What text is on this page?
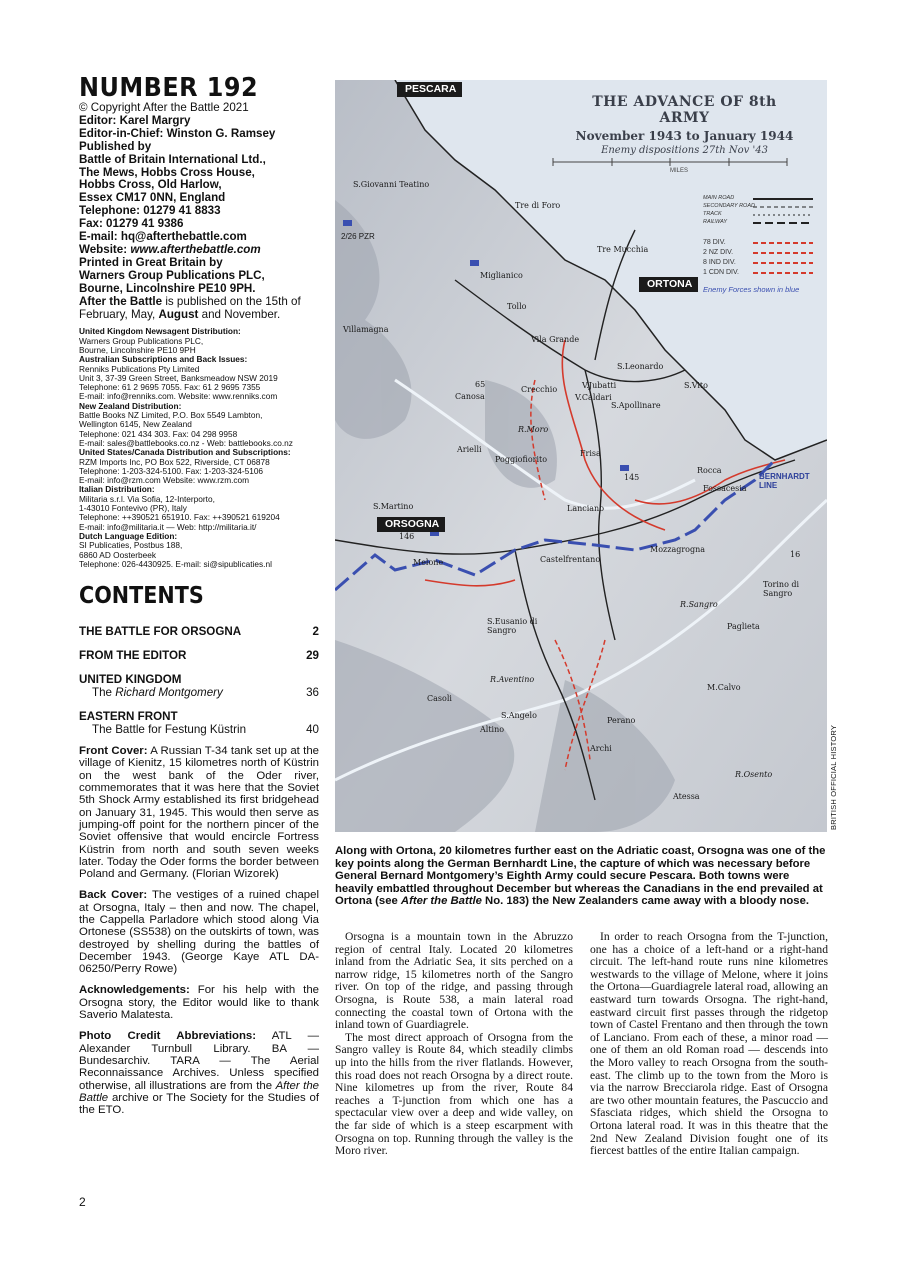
NUMBER 192
© Copyright After the Battle 2021
Editor: Karel Margry
Editor-in-Chief: Winston G. Ramsey
Published by
Battle of Britain International Ltd.,
The Mews, Hobbs Cross House,
Hobbs Cross, Old Harlow,
Essex CM17 0NN, England
Telephone: 01279 41 8833
Fax: 01279 41 9386
E-mail: hq@afterthebattle.com
Website: www.afterthebattle.com
Printed in Great Britain by
Warners Group Publications PLC,
Bourne, Lincolnshire PE10 9PH.
After the Battle is published on the 15th of February, May, August and November.
United Kingdom Newsagent Distribution:
Warners Group Publications PLC,
Bourne, Lincolnshire PE10 9PH
Australian Subscriptions and Back Issues:
Renniks Publications Pty Limited
Unit 3, 37-39 Green Street, Banksmeadow NSW 2019
Telephone: 61 2 9695 7055. Fax: 61 2 9695 7355
E-mail: info@renniks.com. Website: www.renniks.com
New Zealand Distribution:
Battle Books NZ Limited, P.O. Box 5549 Lambton,
Wellington 6145, New Zealand
Telephone: 021 434 303. Fax: 04 298 9958
E-mail: sales@battlebooks.co.nz - Web: battlebooks.co.nz
United States/Canada Distribution and Subscriptions:
RZM Imports Inc, PO Box 522, Riverside, CT 06878
Telephone: 1-203-324-5100. Fax: 1-203-324-5106
E-mail: info@rzm.com Website: www.rzm.com
Italian Distribution:
Militaria s.r.l. Via Sofia, 12-Interporto,
1-43010 Fontevivo (PR), Italy
Telephone: ++390521 651910. Fax: ++390521 619204
E-mail: info@militaria.it — Web: http://militaria.it/
Dutch Language Edition:
SI Publicaties, Postbus 188,
6860 AD Oosterbeek
Telephone: 026-4430925. E-mail: si@sipublicaties.nl
CONTENTS
THE BATTLE FOR ORSOGNA	2
FROM THE EDITOR	29
UNITED KINGDOM
The Richard Montgomery	36
EASTERN FRONT
The Battle for Festung Küstrin	40
Front Cover: A Russian T-34 tank set up at the village of Kienitz, 15 kilometres north of Küstrin on the west bank of the Oder river, commemorates that it was here that the Soviet 5th Shock Army established its first bridgehead on January 31, 1945. This would then serve as jumping-off point for the northern pincer of the Soviet offensive that would encircle Fortress Küstrin from north and south seven weeks later. Today the Oder forms the border between Poland and Germany. (Florian Wizorek)
Back Cover: The vestiges of a ruined chapel at Orsogna, Italy – then and now. The chapel, the Cappella Parladore which stood along Via Ortonese (SS538) on the outskirts of town, was destroyed by shelling during the battles of December 1943. (George Kaye ATL DA-06250/Perry Rowe)
Acknowledgements: For his help with the Orsogna story, the Editor would like to thank Saverio Malatesta.
Photo Credit Abbreviations: ATL — Alexander Turnbull Library. BA — Bundesarchiv. TARA — The Aerial Reconnaissance Archives. Unless specified otherwise, all illustrations are from the After the Battle archive or The Society for the Studies of the ETO.
THE ADVANCE OF 8th ARMY
November 1943 to January 1944
Enemy dispositions 27th Nov '43
MILES
MAIN ROAD
SECONDARY ROAD
TRACK
RAILWAY
78 DIV.
2 NZ DIV.
8 IND DIV.
1 CDN DIV.
Enemy Forces shown in blue
PESCARA
ORTONA
ORSOGNA
BERNHARDT LINE
S.Giovanni Teatino
Tre di Foro
Tre Mucchia
Miglianico
Tollo
Villamagna
Vila Grande
S.Leonardo
S.Vito
Canosa
Crecchio	V.Jubatti
V.Caldari
S.Apollinare
Arielli
Poggiofiorito
Frisa
Rocca
Fossacesia
S.Martino	Lanciano
Mozzagrogna
Melone	Castelfrentano
Torino di Sangro
S.Eusanio di Sangro	Paglieta
Casoli
S.Angelo
Altino
Perano
Archi
M.Calvo
Atessa
R.Sangro
R.Aventino
R.Moro
R.Osento
2/26 PZR
145
146
65
16
BRITISH OFFICIAL HISTORY
Along with Ortona, 20 kilometres further east on the Adriatic coast, Orsogna was one of the key points along the German Bernhardt Line, the capture of which was necessary before General Bernard Montgomery’s Eighth Army could secure Pescara. Both towns were heavily embattled throughout December but whereas the Canadians in the end prevailed at Ortona (see After the Battle No. 183) the New Zealanders came away with a bloody nose.

Orsogna is a mountain town in the Abruzzo region of central Italy. Located 20 kilometres inland from the Adriatic Sea, it sits perched on a narrow ridge, 15 kilometres north of the Sangro river. On top of the ridge, and passing through Orsogna, is Route 538, a main lateral road connecting the coastal town of Ortona with the inland town of Guardiagrele.

The most direct approach of Orsogna from the Sangro valley is Route 84, which steadily climbs up into the hills from the river flatlands. However, this road does not reach Orsogna by a direct route. Nine kilometres up from the river, Route 84 reaches a T-junction from which one has a spectacular view over a deep and wide valley, on the far side of which is a steep escarpment with Orsogna on top. Running through the valley is the Moro river.

In order to reach Orsogna from the T-junction, one has a choice of a left-hand or a right-hand circuit. The left-hand route runs nine kilometres westwards to the village of Melone, where it joins the Ortona—Guardiagrele lateral road, allowing an eastward turn towards Orsogna. The right-hand, eastward circuit first passes through the ridgetop town of Castel Frentano and then through the town of Lanciano. From each of these, a minor road — one of them an old Roman road — descends into the Moro valley to reach Orsogna from the south-east. The climb up to the town from the Moro is via the narrow Brecciarola ridge. East of Orsogna are two other mountain features, the Pascuccio and Sfasciata ridges, which shield the Orsogna to Ortona lateral road. It was in this theatre that the 2nd New Zealand Division fought one of its fiercest battles of the entire Italian campaign.

2
